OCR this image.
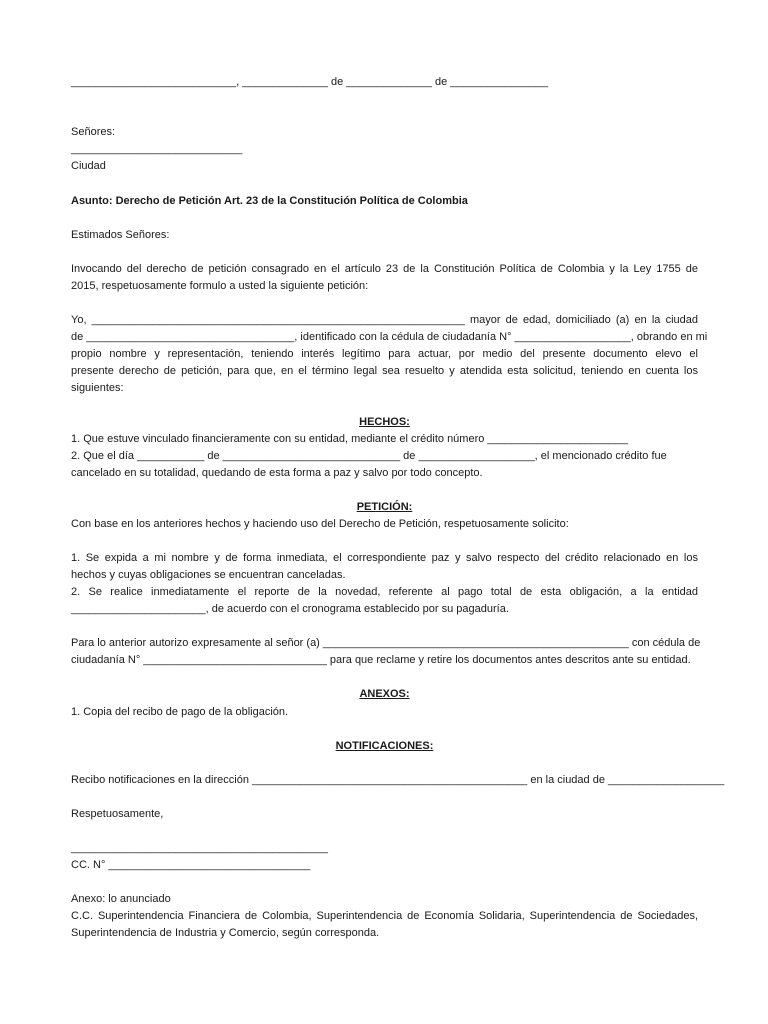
___________________________, ______________ de ______________ de ________________
Señores:
____________________________
Ciudad
Asunto: Derecho de Petición Art. 23 de la Constitución Política de Colombia
Estimados Señores:
Invocando del derecho de petición consagrado en el artículo 23 de la Constitución Política de Colombia y la Ley 1755 de
2015, respetuosamente formulo a usted la siguiente petición:
Yo, _____________________________________________________________ mayor de edad, domiciliado (a) en la ciudad
de __________________________________, identificado con la cédula de ciudadanía N° ___________________, obrando en mi
propio nombre y representación, teniendo interés legítimo para actuar, por medio del presente documento elevo el
presente derecho de petición, para que, en el término legal sea resuelto y atendida esta solicitud, teniendo en cuenta los
siguientes:
HECHOS:
1. Que estuve vinculado financieramente con su entidad, mediante el crédito número _______________________
2. Que el día ___________ de _____________________________ de ___________________, el mencionado crédito fue
cancelado en su totalidad, quedando de esta forma a paz y salvo por todo concepto.
PETICIÓN:
Con base en los anteriores hechos y haciendo uso del Derecho de Petición, respetuosamente solicito:
1. Se expida a mi nombre y de forma inmediata, el correspondiente paz y salvo respecto del crédito relacionado en los
hechos y cuyas obligaciones se encuentran canceladas.
2. Se realice inmediatamente el reporte de la novedad, referente al pago total de esta obligación, a la entidad
______________________, de acuerdo con el cronograma establecido por su pagaduría.
Para lo anterior autorizo expresamente al señor (a) __________________________________________________ con cédula de
ciudadanía N° ______________________________ para que reclame y retire los documentos antes descritos ante su entidad.
ANEXOS:
1. Copia del recibo de pago de la obligación.
NOTIFICACIONES:
Recibo notificaciones en la dirección _____________________________________________ en la ciudad de ___________________
Respetuosamente,
__________________________________________
CC. N° _________________________________
Anexo: lo anunciado
C.C. Superintendencia Financiera de Colombia, Superintendencia de Economía Solidaria, Superintendencia de Sociedades,
Superintendencia de Industria y Comercio, según corresponda.
